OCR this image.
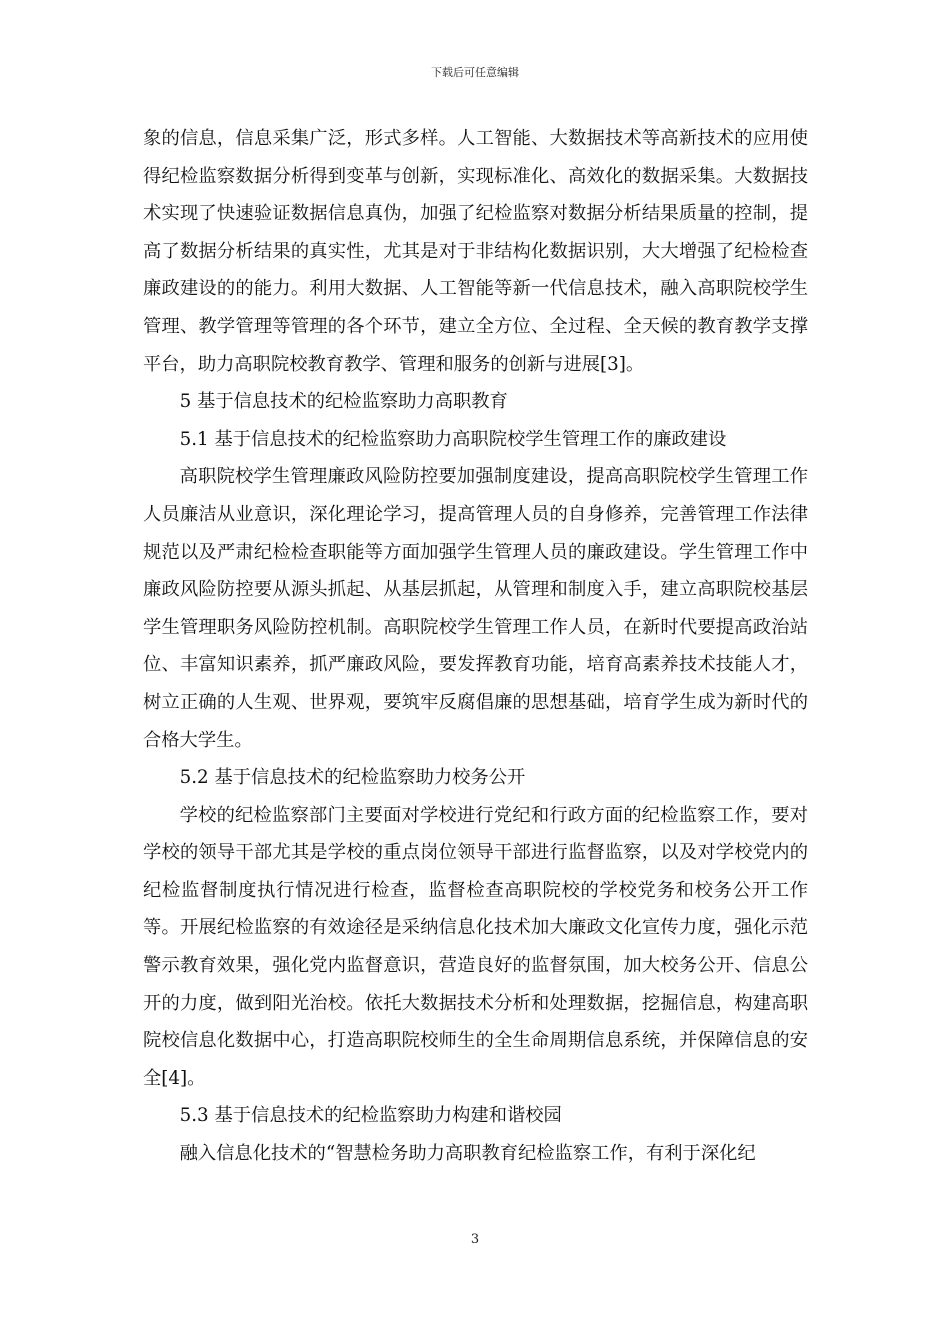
下载后可任意编辑

象的信息，信息采集广泛，形式多样。人工智能、大数据技术等高新技术的应用使得纪检监察数据分析得到变革与创新，实现标准化、高效化的数据采集。大数据技术实现了快速验证数据信息真伪，加强了纪检监察对数据分析结果质量的控制，提高了数据分析结果的真实性，尤其是对于非结构化数据识别，大大增强了纪检检查廉政建设的的能力。利用大数据、人工智能等新一代信息技术，融入高职院校学生管理、教学管理等管理的各个环节，建立全方位、全过程、全天候的教育教学支撑平台，助力高职院校教育教学、管理和服务的创新与进展[3]。

5 基于信息技术的纪检监察助力高职教育

5.1 基于信息技术的纪检监察助力高职院校学生管理工作的廉政建设

高职院校学生管理廉政风险防控要加强制度建设，提高高职院校学生管理工作人员廉洁从业意识，深化理论学习，提高管理人员的自身修养，完善管理工作法律规范以及严肃纪检检查职能等方面加强学生管理人员的廉政建设。学生管理工作中廉政风险防控要从源头抓起、从基层抓起，从管理和制度入手，建立高职院校基层学生管理职务风险防控机制。高职院校学生管理工作人员，在新时代要提高政治站位、丰富知识素养，抓严廉政风险，要发挥教育功能，培育高素养技术技能人才，树立正确的人生观、世界观，要筑牢反腐倡廉的思想基础，培育学生成为新时代的合格大学生。

5.2 基于信息技术的纪检监察助力校务公开

学校的纪检监察部门主要面对学校进行党纪和行政方面的纪检监察工作，要对学校的领导干部尤其是学校的重点岗位领导干部进行监督监察，以及对学校党内的纪检监督制度执行情况进行检查，监督检查高职院校的学校党务和校务公开工作等。开展纪检监察的有效途径是采纳信息化技术加大廉政文化宣传力度，强化示范警示教育效果，强化党内监督意识，营造良好的监督氛围，加大校务公开、信息公开的力度，做到阳光治校。依托大数据技术分析和处理数据，挖掘信息，构建高职院校信息化数据中心，打造高职院校师生的全生命周期信息系统，并保障信息的安全[4]。

5.3 基于信息技术的纪检监察助力构建和谐校园

融入信息化技术的“智慧检务助力高职教育纪检监察工作，有利于深化纪

3
